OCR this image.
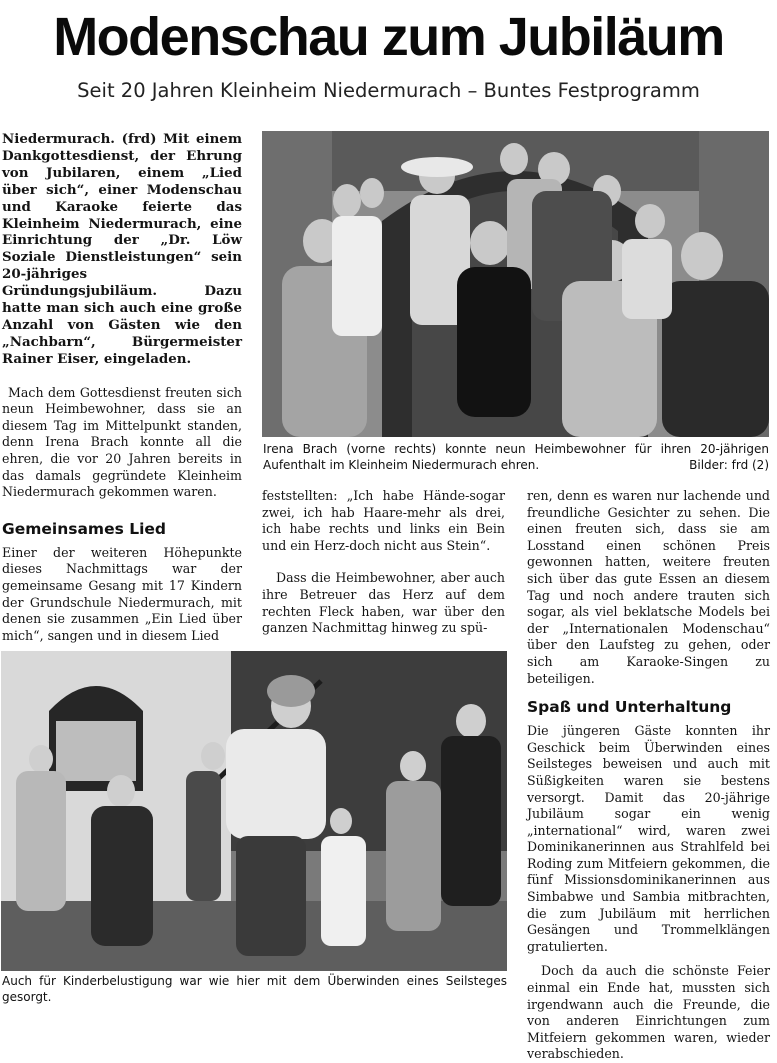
Modenschau zum Jubiläum
Seit 20 Jahren Kleinheim Niedermurach – Buntes Festprogramm

Niedermurach. (frd) Mit einem Dankgottesdienst, der Ehrung von Jubilaren, einem „Lied über sich“, einer Modenschau und Karaoke feierte das Kleinheim Niedermurach, eine Einrichtung der „Dr. Löw Soziale Dienstleistungen“ sein 20-jähriges Gründungsjubiläum. Dazu hatte man sich auch eine große Anzahl von Gästen wie den „Nachbarn“, Bürgermeister Rainer Eiser, eingeladen.

Mach dem Gottesdienst freuten sich neun Heimbewohner, dass sie an diesem Tag im Mittelpunkt standen, denn Irena Brach konnte all die ehren, die vor 20 Jahren bereits in das damals gegründete Kleinheim Niedermurach gekommen waren.

Gemeinsames Lied

Einer der weiteren Höhepunkte dieses Nachmittags war der gemeinsame Gesang mit 17 Kindern der Grundschule Niedermurach, mit denen sie zusammen „Ein Lied über mich“, sangen und in diesem Lied

Irena Brach (vorne rechts) konnte neun Heimbewohner für ihren 20-jährigen Aufenthalt im Kleinheim Niedermurach ehren.	Bilder: frd (2)

feststellten: „Ich habe Hände-sogar zwei, ich hab Haare-mehr als drei, ich habe rechts und links ein Bein und ein Herz-doch nicht aus Stein“.

Dass die Heimbewohner, aber auch ihre Betreuer das Herz auf dem rechten Fleck haben, war über den ganzen Nachmittag hinweg zu spü-

ren, denn es waren nur lachende und freundliche Gesichter zu sehen. Die einen freuten sich, dass sie am Losstand einen schönen Preis gewonnen hatten, weitere freuten sich über das gute Essen an diesem Tag und noch andere trauten sich sogar, als viel beklatsche Models bei der „Internationalen Modenschau“ über den Laufsteg zu gehen, oder sich am Karaoke-Singen zu beteiligen.

Spaß und Unterhaltung

Die jüngeren Gäste konnten ihr Geschick beim Überwinden eines Seilsteges beweisen und auch mit Süßigkeiten waren sie bestens versorgt. Damit das 20-jährige Jubiläum sogar ein wenig „international“ wird, waren zwei Dominikanerinnen aus Strahlfeld bei Roding zum Mitfeiern gekommen, die fünf Missionsdominikanerinnen aus Simbabwe und Sambia mitbrachten, die zum Jubiläum mit herrlichen Gesängen und Trommelklängen gratulierten.

Doch da auch die schönste Feier einmal ein Ende hat, mussten sich irgendwann auch die Freunde, die von anderen Einrichtungen zum Mitfeiern gekommen waren, wieder verabschieden.

Auch für Kinderbelustigung war wie hier mit dem Überwinden eines Seilsteges gesorgt.
